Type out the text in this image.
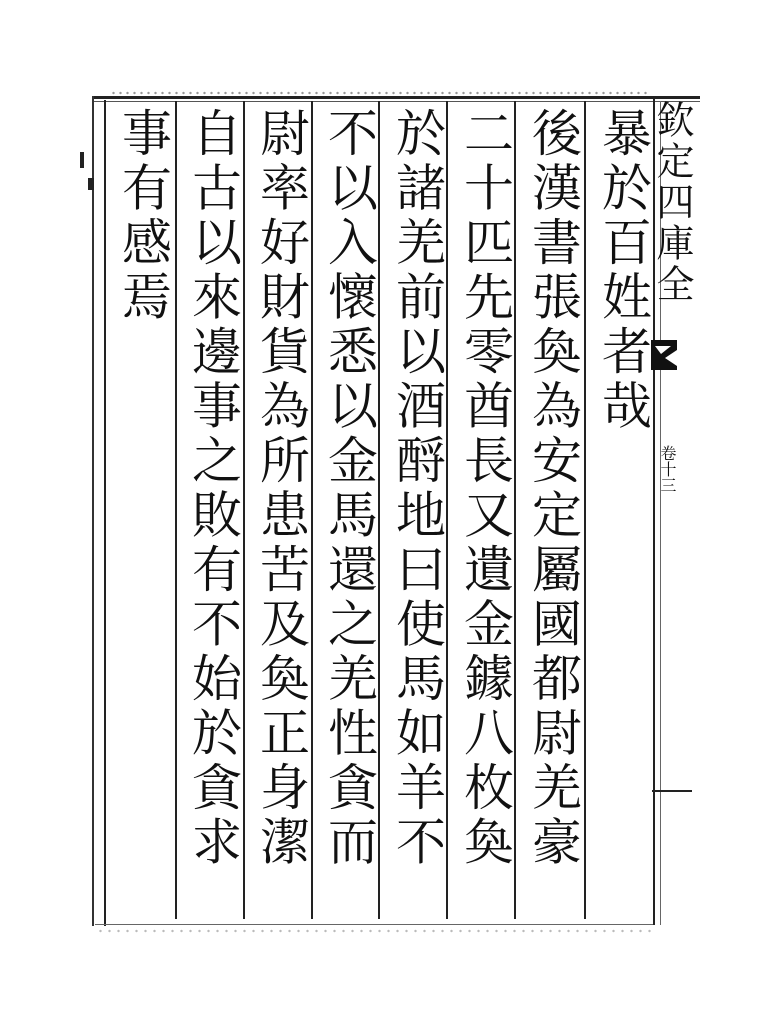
欽定四庫全
卷十三
暴於百姓者哉
後漢書張奐為安定屬國都尉羌豪
二十匹先零酋長又遺金鐻八枚奐
於諸羌前以酒酹地曰使馬如羊不
不以入懷悉以金馬還之羌性貪而
尉率好財貨為所患苦及奐正身潔
自古以來邊事之敗有不始於貪求
事有感焉
